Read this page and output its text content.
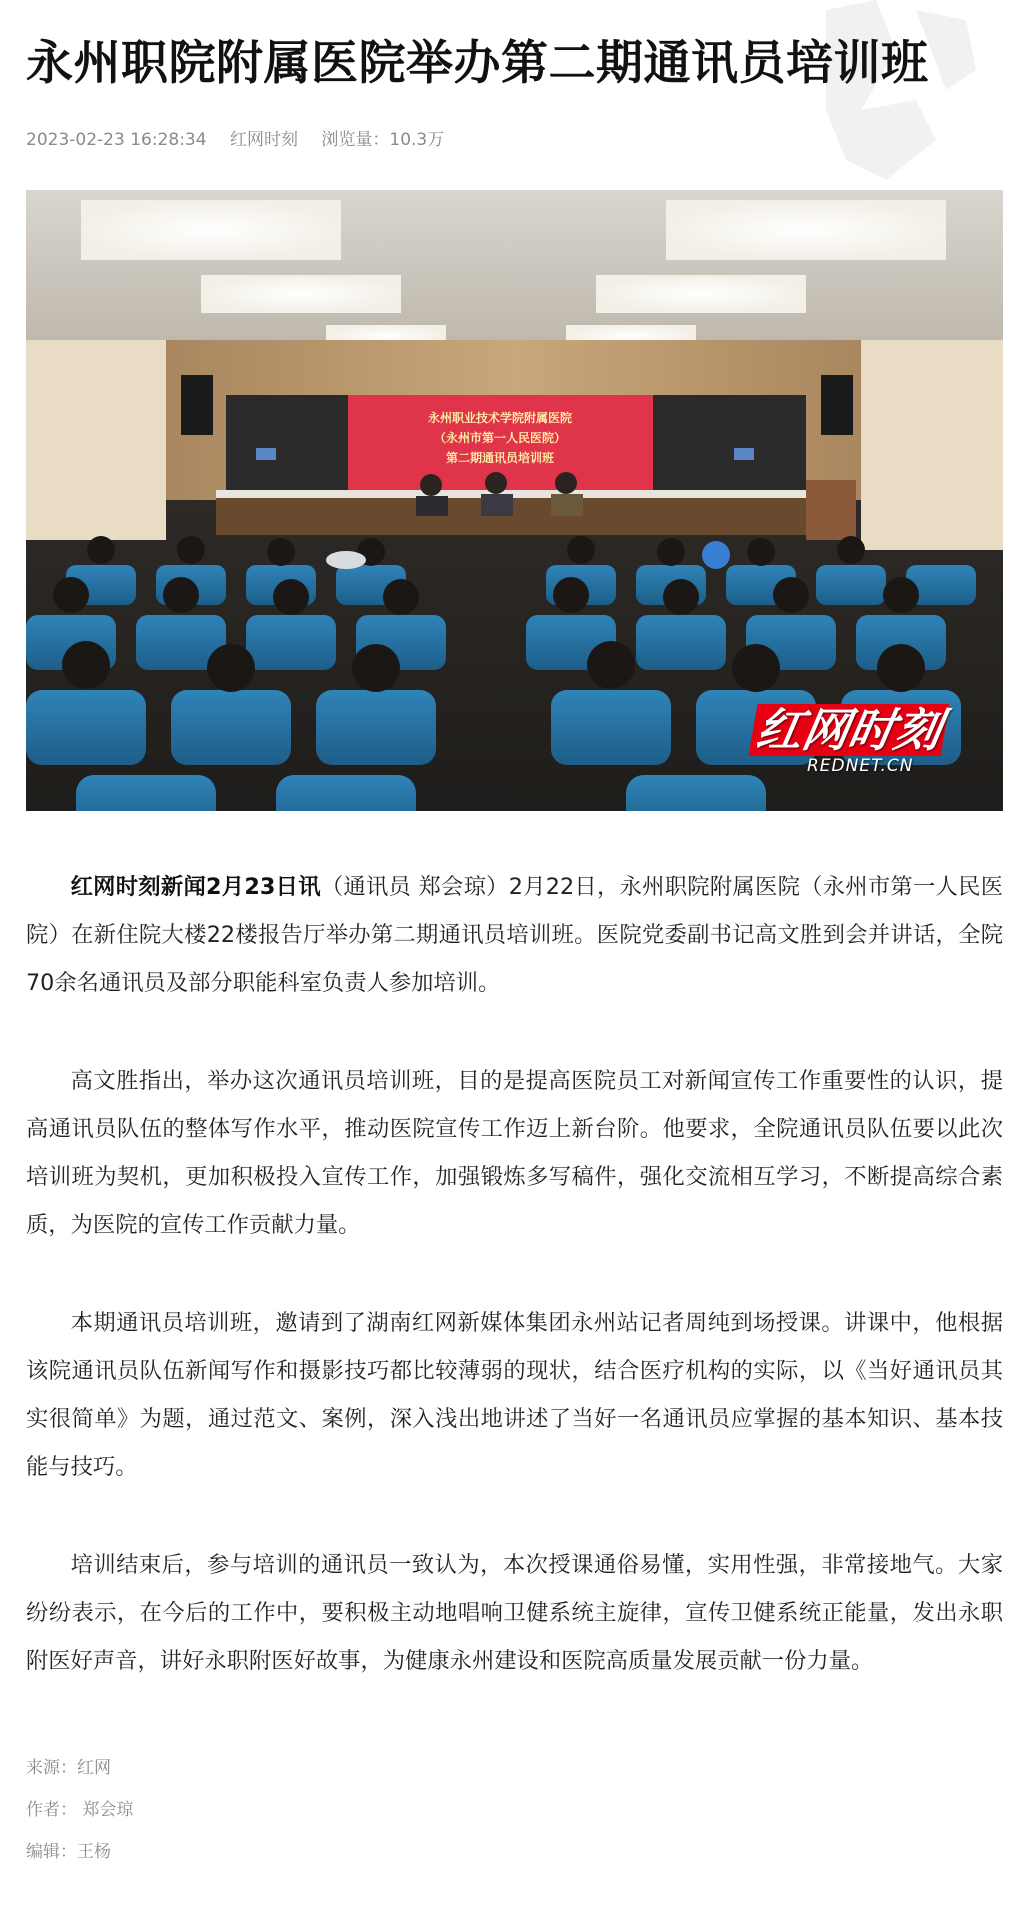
永州职院附属医院举办第二期通讯员培训班
2023-02-23 16:28:34 红网时刻 浏览量：10.3万
永州职业技术学院附属医院
（永州市第一人民医院）
第二期通讯员培训班
红网时刻
REDNET.CN

红网时刻新闻2月23日讯（通讯员 郑会琼）2月22日，永州职院附属医院（永州市第一人民医院）在新住院大楼22楼报告厅举办第二期通讯员培训班。医院党委副书记高文胜到会并讲话，全院70余名通讯员及部分职能科室负责人参加培训。

高文胜指出，举办这次通讯员培训班，目的是提高医院员工对新闻宣传工作重要性的认识，提高通讯员队伍的整体写作水平，推动医院宣传工作迈上新台阶。他要求，全院通讯员队伍要以此次培训班为契机，更加积极投入宣传工作，加强锻炼多写稿件，强化交流相互学习，不断提高综合素质，为医院的宣传工作贡献力量。

本期通讯员培训班，邀请到了湖南红网新媒体集团永州站记者周纯到场授课。讲课中，他根据该院通讯员队伍新闻写作和摄影技巧都比较薄弱的现状，结合医疗机构的实际，以《当好通讯员其实很简单》为题，通过范文、案例，深入浅出地讲述了当好一名通讯员应掌握的基本知识、基本技能与技巧。

培训结束后，参与培训的通讯员一致认为，本次授课通俗易懂，实用性强，非常接地气。大家纷纷表示，在今后的工作中，要积极主动地唱响卫健系统主旋律，宣传卫健系统正能量，发出永职附医好声音，讲好永职附医好故事，为健康永州建设和医院高质量发展贡献一份力量。

来源：红网
作者： 郑会琼
编辑：王杨
